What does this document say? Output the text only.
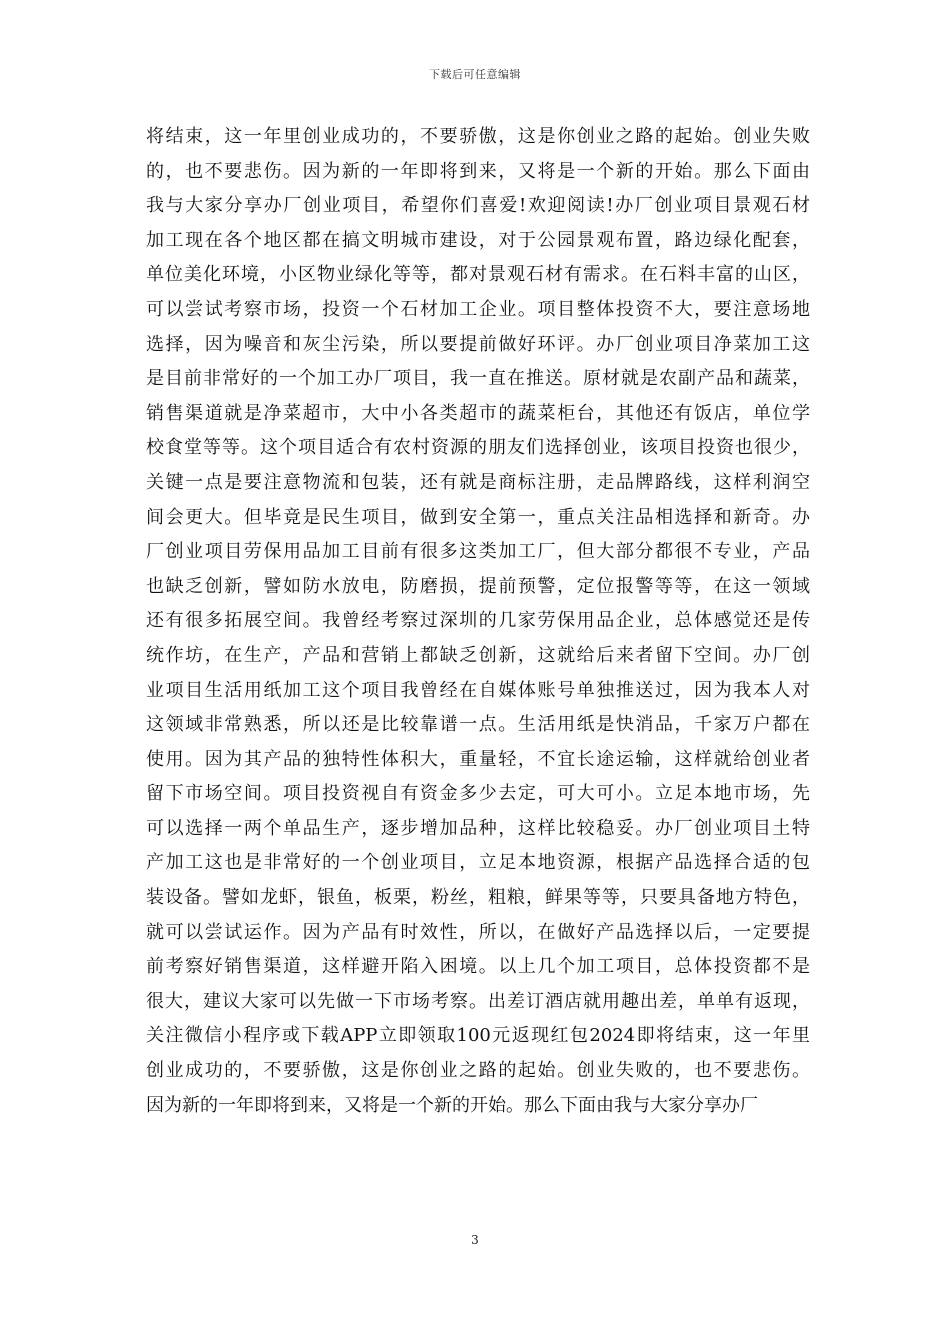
下载后可任意编辑
将结束，这一年里创业成功的，不要骄傲，这是你创业之路的起始。创业失败
的，也不要悲伤。因为新的一年即将到来，又将是一个新的开始。那么下面由
我与大家分享办厂创业项目，希望你们喜爱!欢迎阅读!办厂创业项目景观石材
加工现在各个地区都在搞文明城市建设，对于公园景观布置，路边绿化配套，
单位美化环境，小区物业绿化等等，都对景观石材有需求。在石料丰富的山区，
可以尝试考察市场，投资一个石材加工企业。项目整体投资不大，要注意场地
选择，因为噪音和灰尘污染，所以要提前做好环评。办厂创业项目净菜加工这
是目前非常好的一个加工办厂项目，我一直在推送。原材就是农副产品和蔬菜，
销售渠道就是净菜超市，大中小各类超市的蔬菜柜台，其他还有饭店，单位学
校食堂等等。这个项目适合有农村资源的朋友们选择创业，该项目投资也很少，
关键一点是要注意物流和包装，还有就是商标注册，走品牌路线，这样利润空
间会更大。但毕竟是民生项目，做到安全第一，重点关注品相选择和新奇。办
厂创业项目劳保用品加工目前有很多这类加工厂，但大部分都很不专业，产品
也缺乏创新，譬如防水放电，防磨损，提前预警，定位报警等等，在这一领域
还有很多拓展空间。我曾经考察过深圳的几家劳保用品企业，总体感觉还是传
统作坊，在生产，产品和营销上都缺乏创新，这就给后来者留下空间。办厂创
业项目生活用纸加工这个项目我曾经在自媒体账号单独推送过，因为我本人对
这领域非常熟悉，所以还是比较靠谱一点。生活用纸是快消品，千家万户都在
使用。因为其产品的独特性体积大，重量轻，不宜长途运输，这样就给创业者
留下市场空间。项目投资视自有资金多少去定，可大可小。立足本地市场，先
可以选择一两个单品生产，逐步增加品种，这样比较稳妥。办厂创业项目土特
产加工这也是非常好的一个创业项目，立足本地资源，根据产品选择合适的包
装设备。譬如龙虾，银鱼，板栗，粉丝，粗粮，鲜果等等，只要具备地方特色，
就可以尝试运作。因为产品有时效性，所以，在做好产品选择以后，一定要提
前考察好销售渠道，这样避开陷入困境。以上几个加工项目，总体投资都不是
很大，建议大家可以先做一下市场考察。出差订酒店就用趣出差，单单有返现，
关注微信小程序或下载APP立即领取100元返现红包2024即将结束，这一年里
创业成功的，不要骄傲，这是你创业之路的起始。创业失败的，也不要悲伤。
因为新的一年即将到来，又将是一个新的开始。那么下面由我与大家分享办厂
3
